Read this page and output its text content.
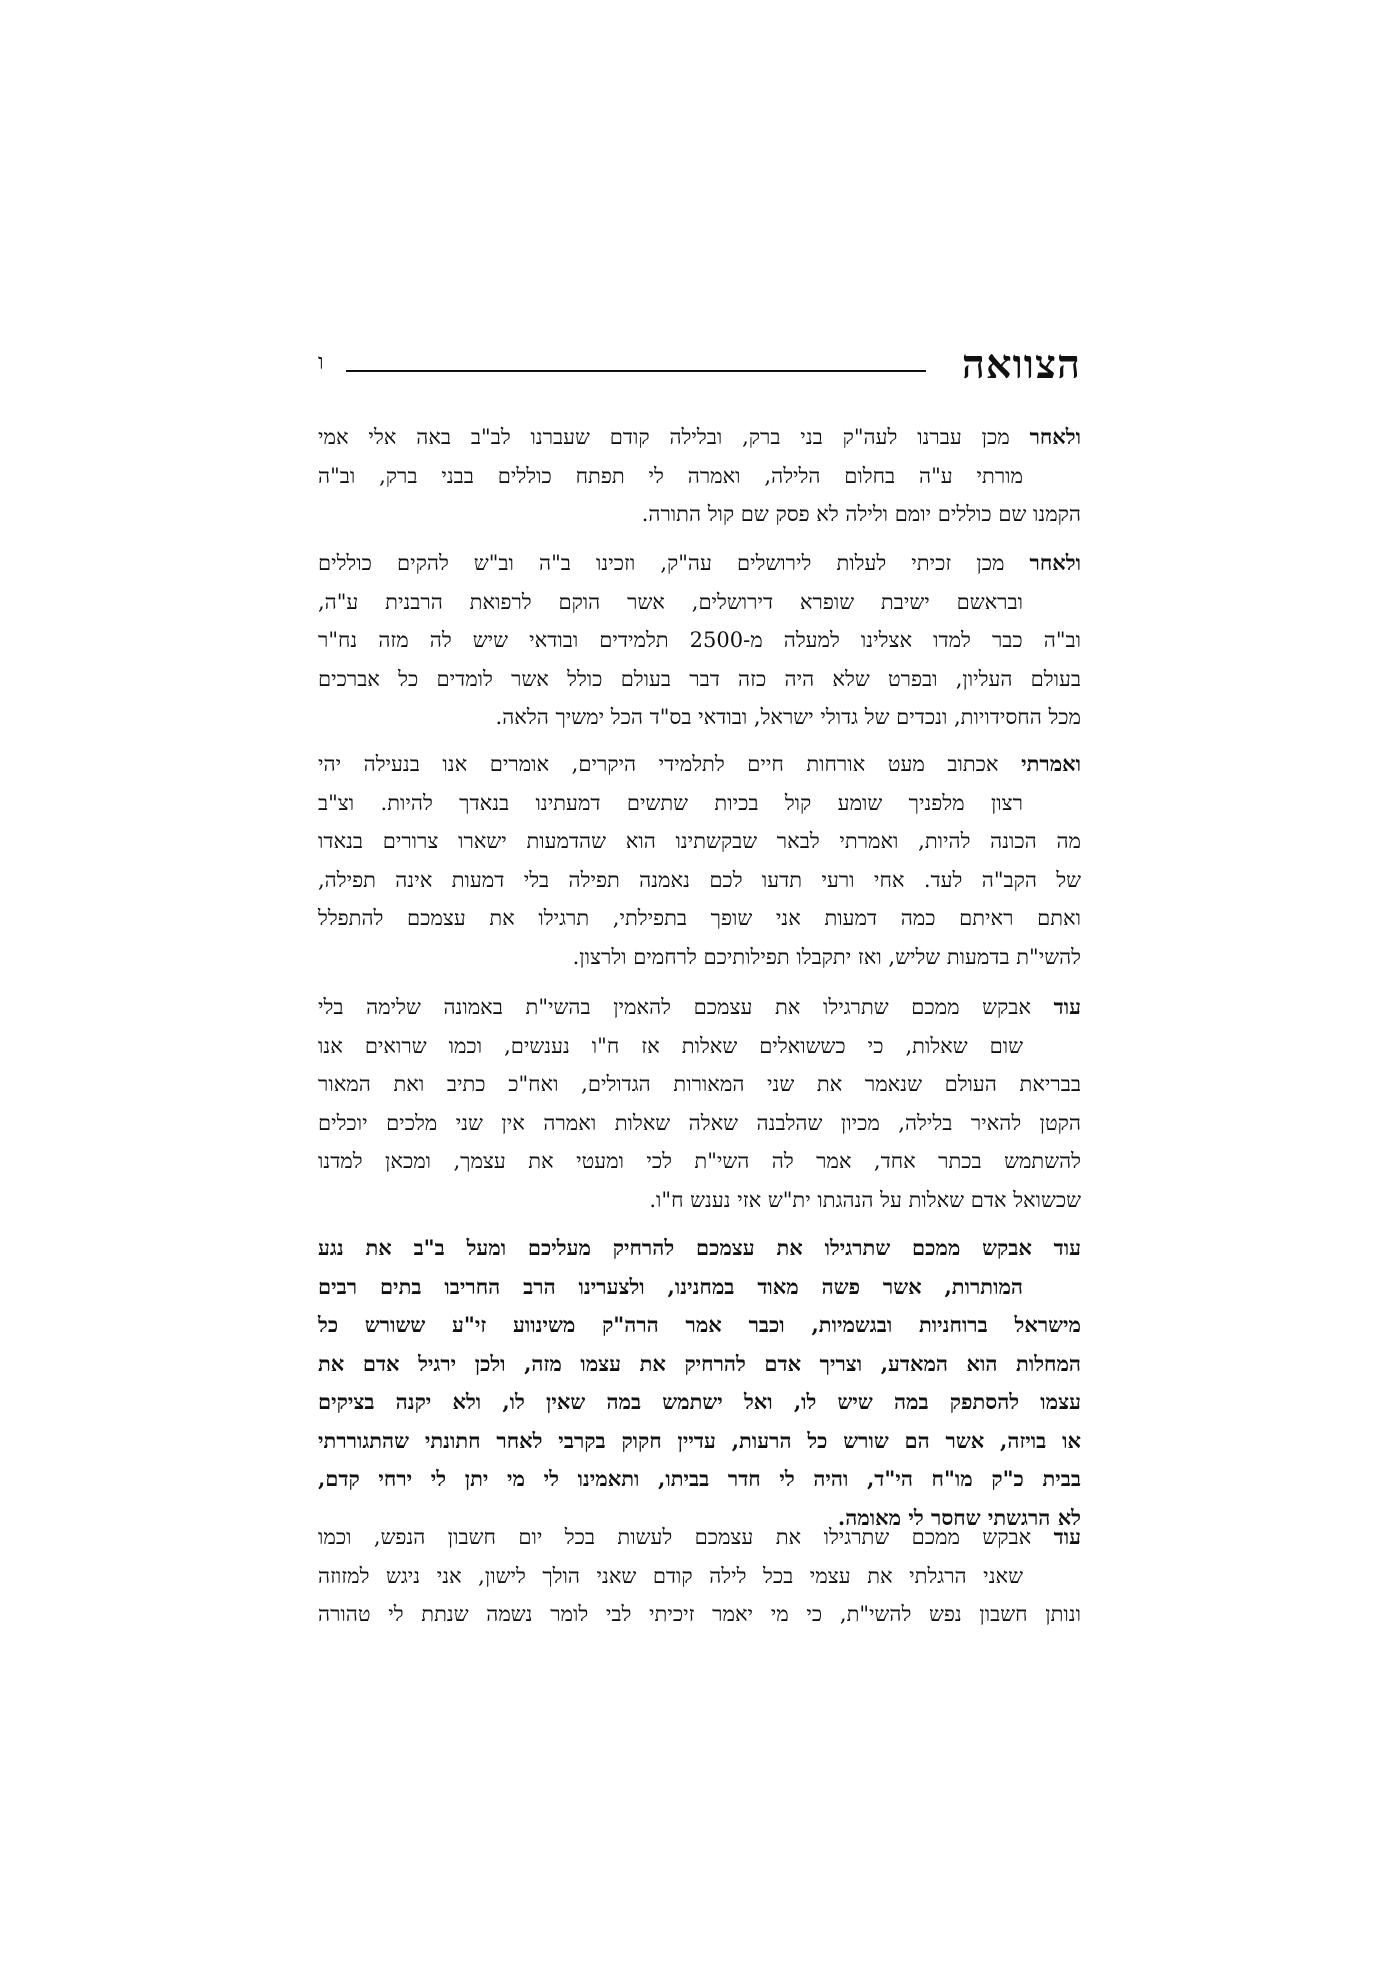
הצוואה
ו
ולאחר מכן עברנו לעה"ק בני ברק, ובלילה קודם שעברנו לב"ב באה אלי אמי
מורתי ע"ה בחלום הלילה, ואמרה לי תפתח כוללים בבני ברק, וב"ה
הקמנו שם כוללים יומם ולילה לא פסק שם קול התורה.
ולאחר מכן זכיתי לעלות לירושלים עה"ק, וזכינו ב"ה וב"ש להקים כוללים
ובראשם ישיבת שופרא דירושלים, אשר הוקם לרפואת הרבנית ע"ה,
וב"ה כבר למדו אצלינו למעלה מ-2500 תלמידים ובודאי שיש לה מזה נח"ר
בעולם העליון, ובפרט שלא היה כזה דבר בעולם כולל אשר לומדים כל אברכים
מכל החסידויות, ונכדים של גדולי ישראל, ובודאי בס"ד הכל ימשיך הלאה.
ואמרתי אכתוב מעט אורחות חיים לתלמידי היקרים, אומרים אנו בנעילה יהי
רצון מלפניך שומע קול בכיות שתשים דמעתינו בנאדך להיות. וצ"ב
מה הכונה להיות, ואמרתי לבאר שבקשתינו הוא שהדמעות ישארו צרורים בנאדו
של הקב"ה לעד. אחי ורעי תדעו לכם נאמנה תפילה בלי דמעות אינה תפילה,
ואתם ראיתם כמה דמעות אני שופך בתפילתי, תרגילו את עצמכם להתפלל
להשי"ת בדמעות שליש, ואז יתקבלו תפילותיכם לרחמים ולרצון.
עוד אבקש ממכם שתרגילו את עצמכם להאמין בהשי"ת באמונה שלימה בלי
שום שאלות, כי כששואלים שאלות אז ח"ו נענשים, וכמו שרואים אנו
בבריאת העולם שנאמר את שני המאורות הגדולים, ואח"כ כתיב ואת המאור
הקטן להאיר בלילה, מכיון שהלבנה שאלה שאלות ואמרה אין שני מלכים יוכלים
להשתמש בכתר אחד, אמר לה השי"ת לכי ומעטי את עצמך, ומכאן למדנו
שכשואל אדם שאלות על הנהגתו ית"ש אזי נענש ח"ו.
עוד אבקש ממכם שתרגילו את עצמכם להרחיק מעליכם ומעל ב"ב את נגע
המותרות, אשר פשה מאוד במחנינו, ולצערינו הרב החריבו בתים רבים
מישראל ברוחניות ובגשמיות, וכבר אמר הרה"ק משינווע זי"ע ששורש כל
המחלות הוא המאדע, וצריך אדם להרחיק את עצמו מזה, ולכן ירגיל אדם את
עצמו להסתפק במה שיש לו, ואל ישתמש במה שאין לו, ולא יקנה בציקים
או בויזה, אשר הם שורש כל הרעות, עדיין חקוק בקרבי לאחר חתונתי שהתגוררתי
בבית כ"ק מו"ח הי"ד, והיה לי חדר בביתו, ותאמינו לי מי יתן לי ירחי קדם,
לא הרגשתי שחסר לי מאומה.
עוד אבקש ממכם שתרגילו את עצמכם לעשות בכל יום חשבון הנפש, וכמו
שאני הרגלתי את עצמי בכל לילה קודם שאני הולך לישון, אני ניגש למזוזה
ונותן חשבון נפש להשי"ת, כי מי יאמר זיכיתי לבי לומר נשמה שנתת לי טהורה
